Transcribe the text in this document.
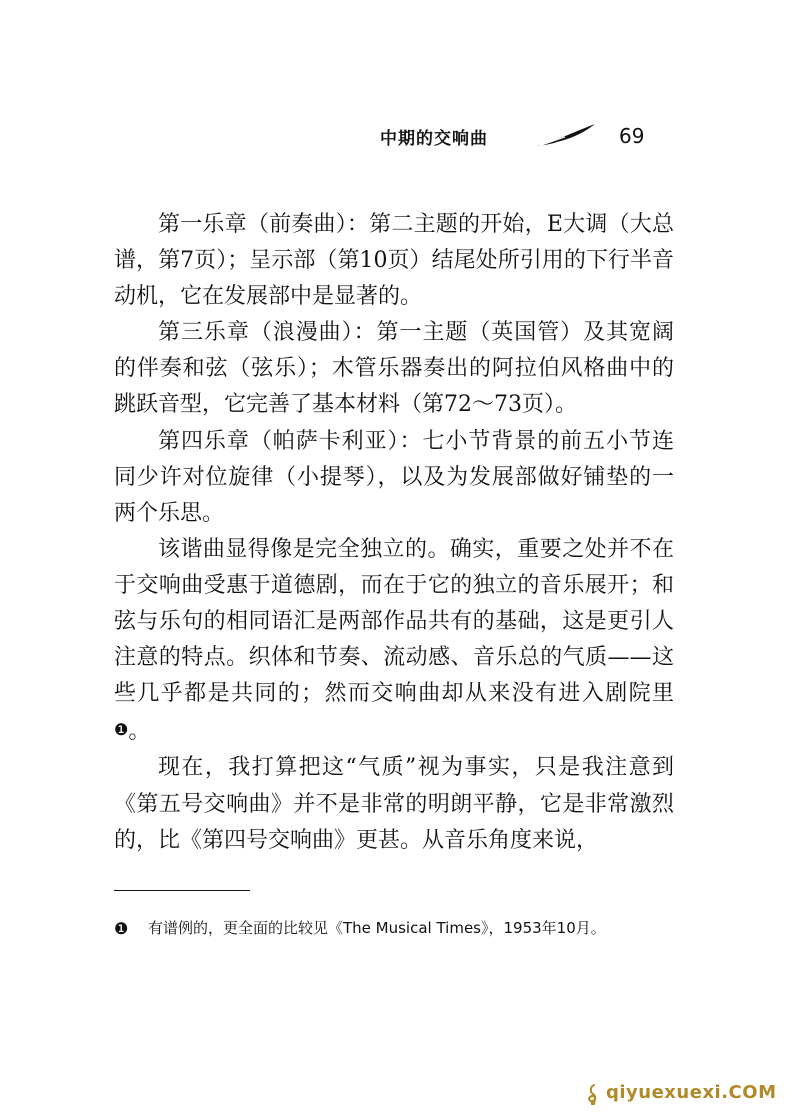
中期的交响曲	69

第一乐章（前奏曲）：第二主题的开始，E大调（大总谱，第7页）；呈示部（第10页）结尾处所引用的下行半音动机，它在发展部中是显著的。

第三乐章（浪漫曲）：第一主题（英国管）及其宽阔的伴奏和弦（弦乐）；木管乐器奏出的阿拉伯风格曲中的跳跃音型，它完善了基本材料（第72～73页）。

第四乐章（帕萨卡利亚）：七小节背景的前五小节连同少许对位旋律（小提琴），以及为发展部做好铺垫的一两个乐思。

该谐曲显得像是完全独立的。确实，重要之处并不在于交响曲受惠于道德剧，而在于它的独立的音乐展开；和弦与乐句的相同语汇是两部作品共有的基础，这是更引人注意的特点。织体和节奏、流动感、音乐总的气质——这些几乎都是共同的；然而交响曲却从来没有进入剧院里❶。

现在，我打算把这“气质”视为事实，只是我注意到《第五号交响曲》并不是非常的明朗平静，它是非常激烈的，比《第四号交响曲》更甚。从音乐角度来说，

❶ 有谱例的，更全面的比较见《The Musical Times》，1953年10月。
qiyuexuexi.COM
